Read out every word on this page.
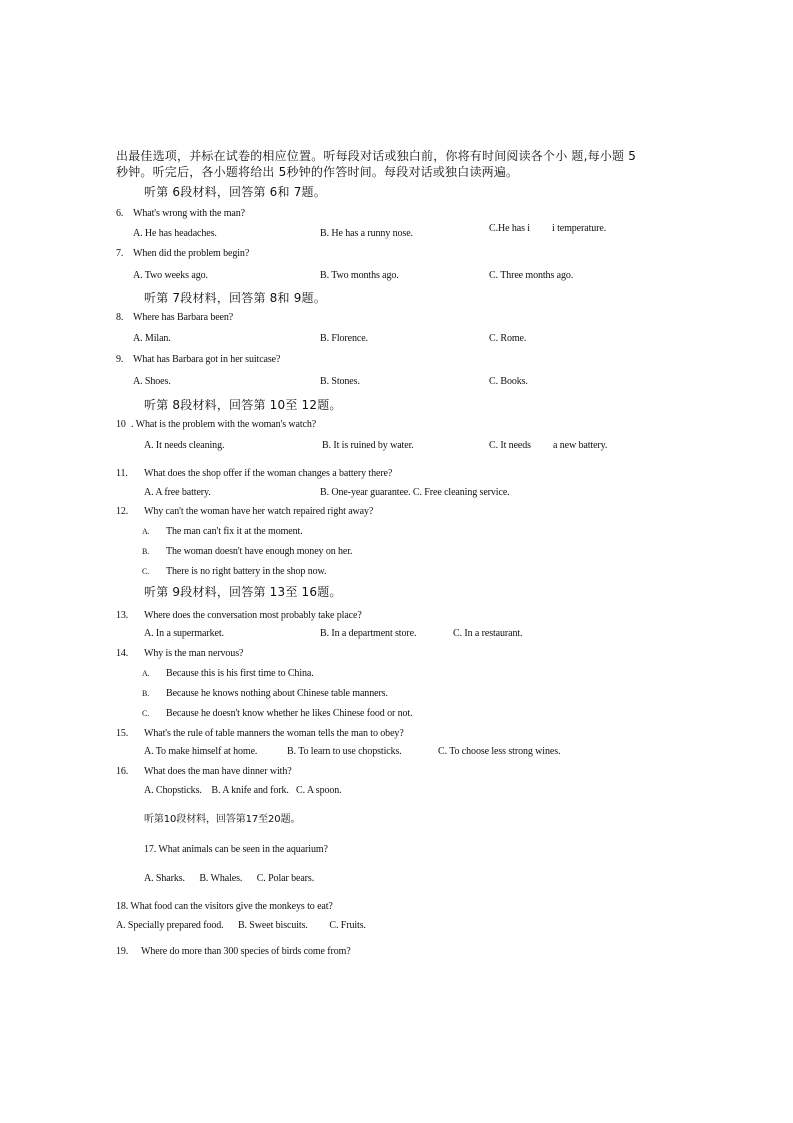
出最佳选项，并标在试卷的相应位置。听每段对话或独白前，你将有时间阅读各个小 题,每小题 5
秒钟。听完后，各小题将给出 5秒钟的作答时间。每段对话或独白读两遍。
听第 6段材料，回答第 6和 7题。
6. What's wrong with the man?
A. He has headaches.	B. He has a runny nose.	C.He has i i temperature.
7. When did the problem begin?
A. Two weeks ago.	B. Two months ago.	C. Three months ago.
听第 7段材料，回答第 8和 9题。
8. Where has Barbara been?
A. Milan.	B. Florence.	C. Rome.
9. What has Barbara got in her suitcase?
A. Shoes.	B. Stones.	C. Books.
听第 8段材料，回答第 10至 12题。
10 . What is the problem with the woman's watch?
A. It needs cleaning.	B. It is ruined by water.	C. It needs a new battery.
11. What does the shop offer if the woman changes a battery there?
A. A free battery.	B. One-year guarantee. C. Free cleaning service.
12. Why can't the woman have her watch repaired right away?
A. The man can't fix it at the moment.
B. The woman doesn't have enough money on her.
C. There is no right battery in the shop now.
听第 9段材料，回答第 13至 16题。
13. Where does the conversation most probably take place?
A. In a supermarket.	B. In a department store.	C. In a restaurant.
14. Why is the man nervous?
A. Because this is his first time to China.
B. Because he knows nothing about Chinese table manners.
C. Because he doesn't know whether he likes Chinese food or not.
15. What's the rule of table manners the woman tells the man to obey?
A. To make himself at home.	B. To learn to use chopsticks.	C. To choose less strong wines.
16. What does the man have dinner with?
A. Chopsticks.    B. A knife and fork.   C. A spoon.
听第10段材料，回答第17至20题。
17. What animals can be seen in the aquarium?
A. Sharks.      B. Whales.      C. Polar bears.
18. What food can the visitors give the monkeys to eat?
A. Specially prepared food.      B. Sweet biscuits.         C. Fruits.
19. Where do more than 300 species of birds come from?
